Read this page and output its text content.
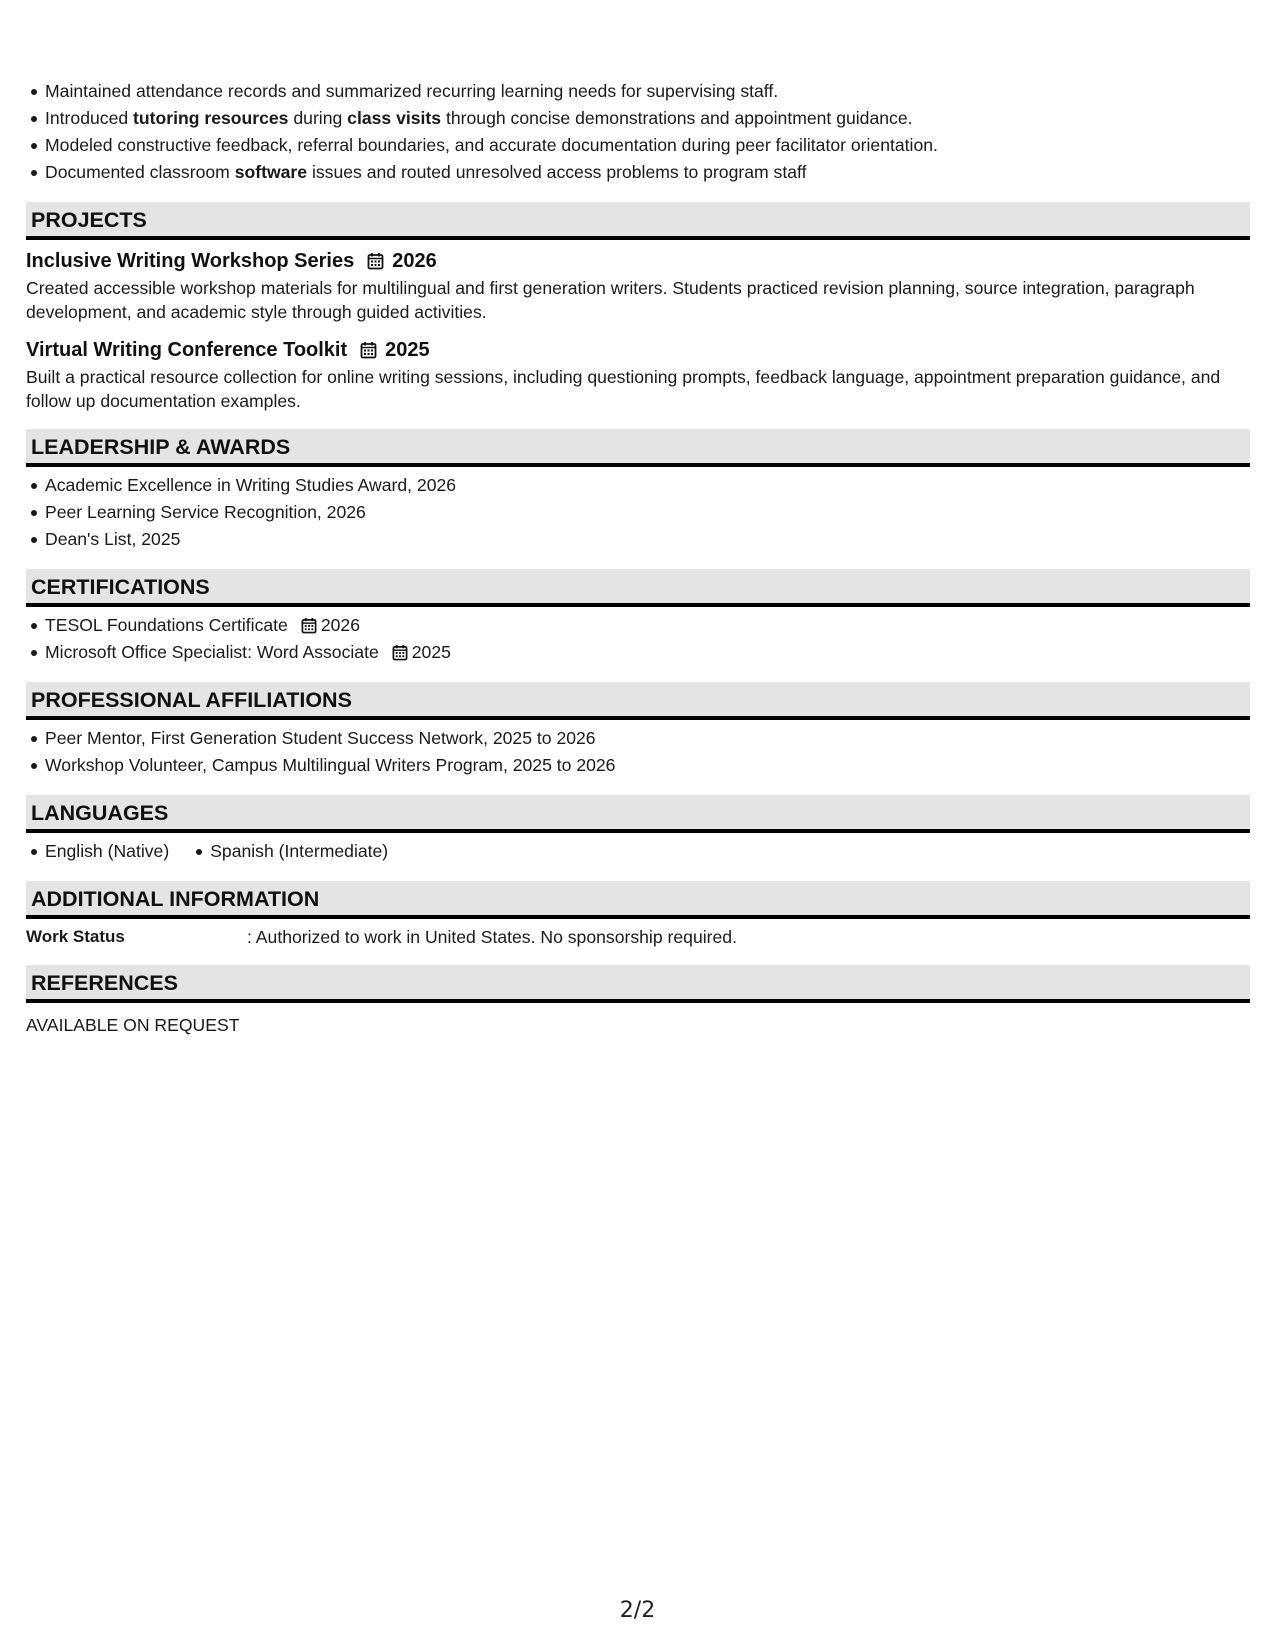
Maintained attendance records and summarized recurring learning needs for supervising staff.
Introduced tutoring resources during class visits through concise demonstrations and appointment guidance.
Modeled constructive feedback, referral boundaries, and accurate documentation during peer facilitator orientation.
Documented classroom software issues and routed unresolved access problems to program staff
PROJECTS
Inclusive Writing Workshop Series 2026
Created accessible workshop materials for multilingual and first generation writers. Students practiced revision planning, source integration, paragraph development, and academic style through guided activities.
Virtual Writing Conference Toolkit 2025
Built a practical resource collection for online writing sessions, including questioning prompts, feedback language, appointment preparation guidance, and follow up documentation examples.
LEADERSHIP & AWARDS
Academic Excellence in Writing Studies Award, 2026
Peer Learning Service Recognition, 2026
Dean's List, 2025
CERTIFICATIONS
TESOL Foundations Certificate 2026
Microsoft Office Specialist: Word Associate 2025
PROFESSIONAL AFFILIATIONS
Peer Mentor, First Generation Student Success Network, 2025 to 2026
Workshop Volunteer, Campus Multilingual Writers Program, 2025 to 2026
LANGUAGES
English (Native)	Spanish (Intermediate)
ADDITIONAL INFORMATION
Work Status	: Authorized to work in United States. No sponsorship required.
REFERENCES
AVAILABLE ON REQUEST
2/2
